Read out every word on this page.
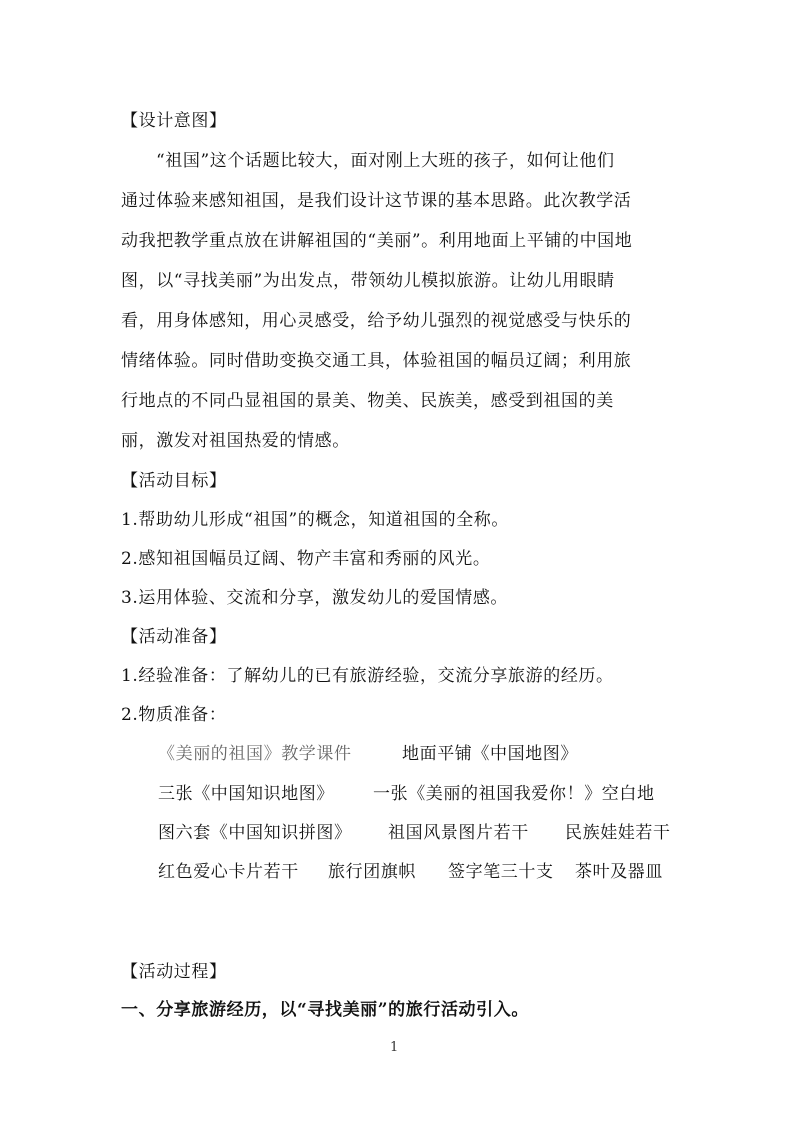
【设计意图】
“祖国”这个话题比较大，面对刚上大班的孩子，如何让他们
通过体验来感知祖国，是我们设计这节课的基本思路。此次教学活
动我把教学重点放在讲解祖国的“美丽”。利用地面上平铺的中国地
图，以“寻找美丽”为出发点，带领幼儿模拟旅游。让幼儿用眼睛
看，用身体感知，用心灵感受，给予幼儿强烈的视觉感受与快乐的
情绪体验。同时借助变换交通工具，体验祖国的幅员辽阔；利用旅
行地点的不同凸显祖国的景美、物美、民族美，感受到祖国的美
丽，激发对祖国热爱的情感。
【活动目标】
1.帮助幼儿形成“祖国”的概念，知道祖国的全称。
2.感知祖国幅员辽阔、物产丰富和秀丽的风光。
3.运用体验、交流和分享，激发幼儿的爱国情感。
【活动准备】
1.经验准备：了解幼儿的已有旅游经验，交流分享旅游的经历。
2.物质准备：
《美丽的祖国》教学课件	地面平铺《中国地图》
三张《中国知识地图》 一张《美丽的祖国我爱你！》空白地
图六套《中国知识拼图》 祖国风景图片若干 民族娃娃若干
红色爱心卡片若干 旅行团旗帜 签字笔三十支 茶叶及器皿
【活动过程】
一、分享旅游经历，以“寻找美丽”的旅行活动引入。
1
